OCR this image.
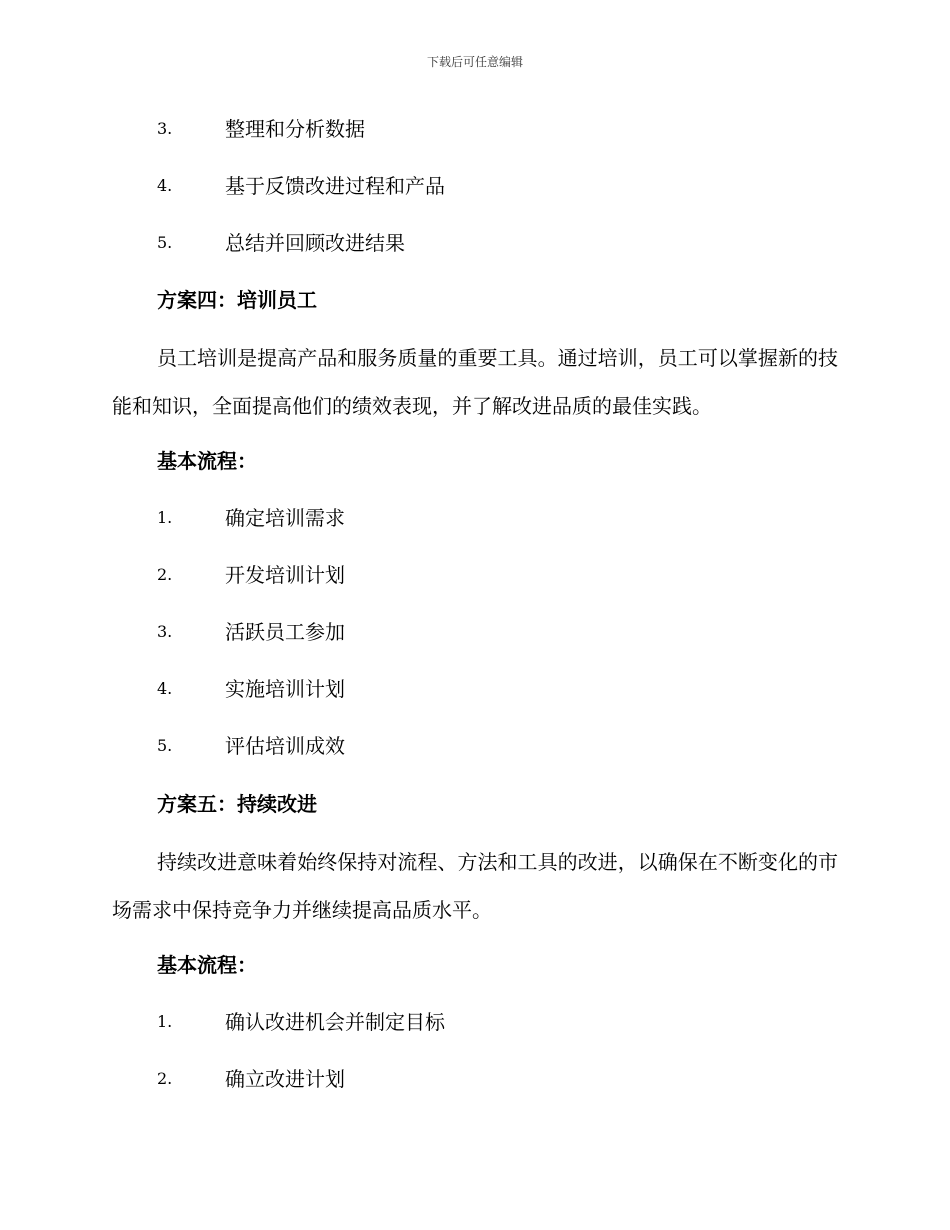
下载后可任意编辑
3.	整理和分析数据
4.	基于反馈改进过程和产品
5.	总结并回顾改进结果
方案四：培训员工
员工培训是提高产品和服务质量的重要工具。通过培训，员工可以掌握新的技能和知识，全面提高他们的绩效表现，并了解改进品质的最佳实践。
基本流程：
1.	确定培训需求
2.	开发培训计划
3.	活跃员工参加
4.	实施培训计划
5.	评估培训成效
方案五：持续改进
持续改进意味着始终保持对流程、方法和工具的改进，以确保在不断变化的市场需求中保持竞争力并继续提高品质水平。
基本流程：
1.	确认改进机会并制定目标
2.	确立改进计划
